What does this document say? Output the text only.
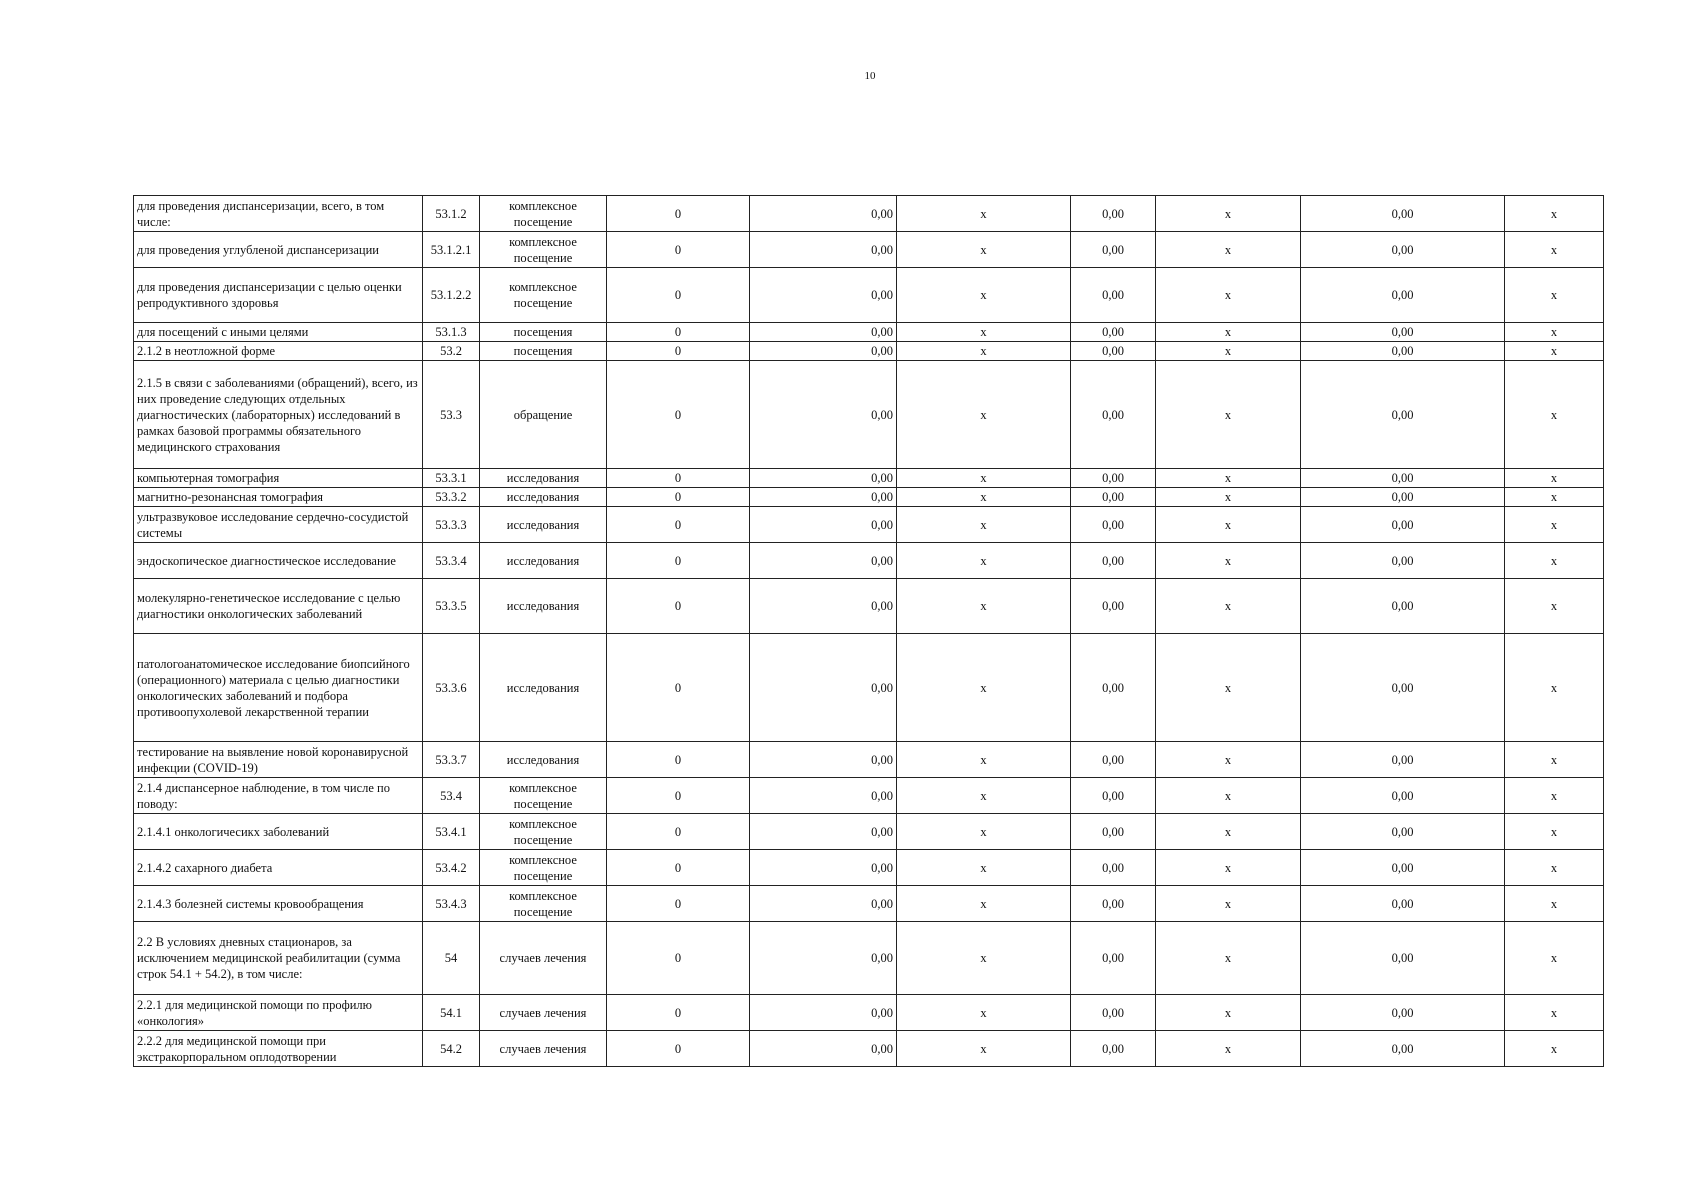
10
для проведения диспансеризации, всего, в том числе:	53.1.2	комплексное посещение	0	0,00	х	0,00	х	0,00	х
для проведения углубленой диспансеризации	53.1.2.1	комплексное посещение	0	0,00	х	0,00	х	0,00	х
для проведения диспансеризации с целью оценки репродуктивного здоровья	53.1.2.2	комплексное посещение	0	0,00	х	0,00	х	0,00	х
для посещений с иными целями	53.1.3	посещения	0	0,00	х	0,00	х	0,00	х
2.1.2 в неотложной форме	53.2	посещения	0	0,00	х	0,00	х	0,00	х
2.1.5 в связи с заболеваниями (обращений), всего, из них проведение следующих отдельных диагностических (лабораторных) исследований в рамках базовой программы обязательного медицинского страхования	53.3	обращение	0	0,00	х	0,00	х	0,00	х
компьютерная томография	53.3.1	исследования	0	0,00	х	0,00	х	0,00	х
магнитно-резонансная томография	53.3.2	исследования	0	0,00	х	0,00	х	0,00	х
ультразвуковое исследование сердечно-сосудистой системы	53.3.3	исследования	0	0,00	х	0,00	х	0,00	х
эндоскопическое диагностическое исследование	53.3.4	исследования	0	0,00	х	0,00	х	0,00	х
молекулярно-генетическое исследование с целью диагностики онкологических заболеваний	53.3.5	исследования	0	0,00	х	0,00	х	0,00	х
патологоанатомическое исследование биопсийного (операционного) материала с целью диагностики онкологических заболеваний и подбора противоопухолевой лекарственной терапии	53.3.6	исследования	0	0,00	х	0,00	х	0,00	х
тестирование на выявление новой коронавирусной инфекции (COVID-19)	53.3.7	исследования	0	0,00	х	0,00	х	0,00	х
2.1.4 диспансерное наблюдение, в том числе по поводу:	53.4	комплексное посещение	0	0,00	х	0,00	х	0,00	х
2.1.4.1 онкологичесикх заболеваний	53.4.1	комплексное посещение	0	0,00	х	0,00	х	0,00	х
2.1.4.2 сахарного диабета	53.4.2	комплексное посещение	0	0,00	х	0,00	х	0,00	х
2.1.4.3 болезней системы кровообращения	53.4.3	комплексное посещение	0	0,00	х	0,00	х	0,00	х
2.2 В условиях дневных стационаров, за исключением медицинской реабилитации (сумма строк 54.1 + 54.2), в том числе:	54	случаев лечения	0	0,00	х	0,00	х	0,00	х
2.2.1 для медицинской помощи по профилю «онкология»	54.1	случаев лечения	0	0,00	х	0,00	х	0,00	х
2.2.2 для медицинской помощи при экстракорпоральном оплодотворении	54.2	случаев лечения	0	0,00	х	0,00	х	0,00	х
